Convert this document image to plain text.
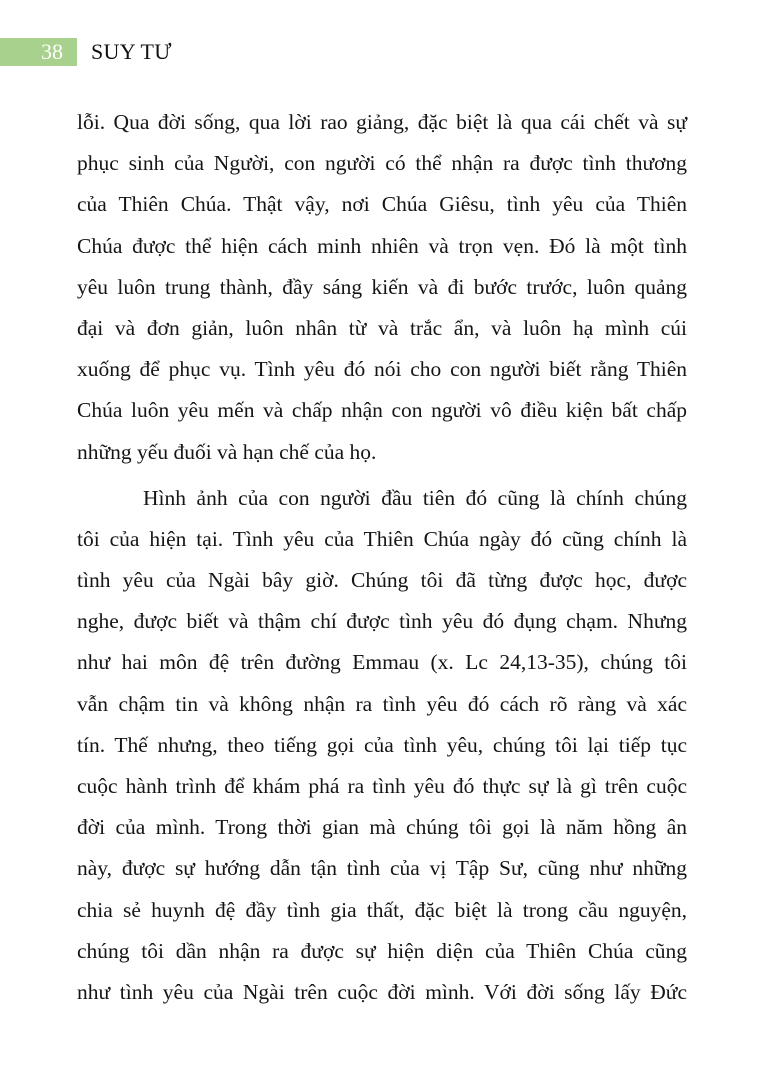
38 SUY TƯ
lỗi. Qua đời sống, qua lời rao giảng, đặc biệt là qua cái chết và sự
phục sinh của Người, con người có thể nhận ra được tình thương
của Thiên Chúa. Thật vậy, nơi Chúa Giêsu, tình yêu của Thiên
Chúa được thể hiện cách minh nhiên và trọn vẹn. Đó là một tình
yêu luôn trung thành, đầy sáng kiến và đi bước trước, luôn quảng
đại và đơn giản, luôn nhân từ và trắc ẩn, và luôn hạ mình cúi
xuống để phục vụ. Tình yêu đó nói cho con người biết rằng Thiên
Chúa luôn yêu mến và chấp nhận con người vô điều kiện bất chấp
những yếu đuối và hạn chế của họ.
Hình ảnh của con người đầu tiên đó cũng là chính chúng
tôi của hiện tại. Tình yêu của Thiên Chúa ngày đó cũng chính là
tình yêu của Ngài bây giờ. Chúng tôi đã từng được học, được
nghe, được biết và thậm chí được tình yêu đó đụng chạm. Nhưng
như hai môn đệ trên đường Emmau (x. Lc 24,13-35), chúng tôi
vẫn chậm tin và không nhận ra tình yêu đó cách rõ ràng và xác
tín. Thế nhưng, theo tiếng gọi của tình yêu, chúng tôi lại tiếp tục
cuộc hành trình để khám phá ra tình yêu đó thực sự là gì trên cuộc
đời của mình. Trong thời gian mà chúng tôi gọi là năm hồng ân
này, được sự hướng dẫn tận tình của vị Tập Sư, cũng như những
chia sẻ huynh đệ đầy tình gia thất, đặc biệt là trong cầu nguyện,
chúng tôi dần nhận ra được sự hiện diện của Thiên Chúa cũng
như tình yêu của Ngài trên cuộc đời mình. Với đời sống lấy Đức
